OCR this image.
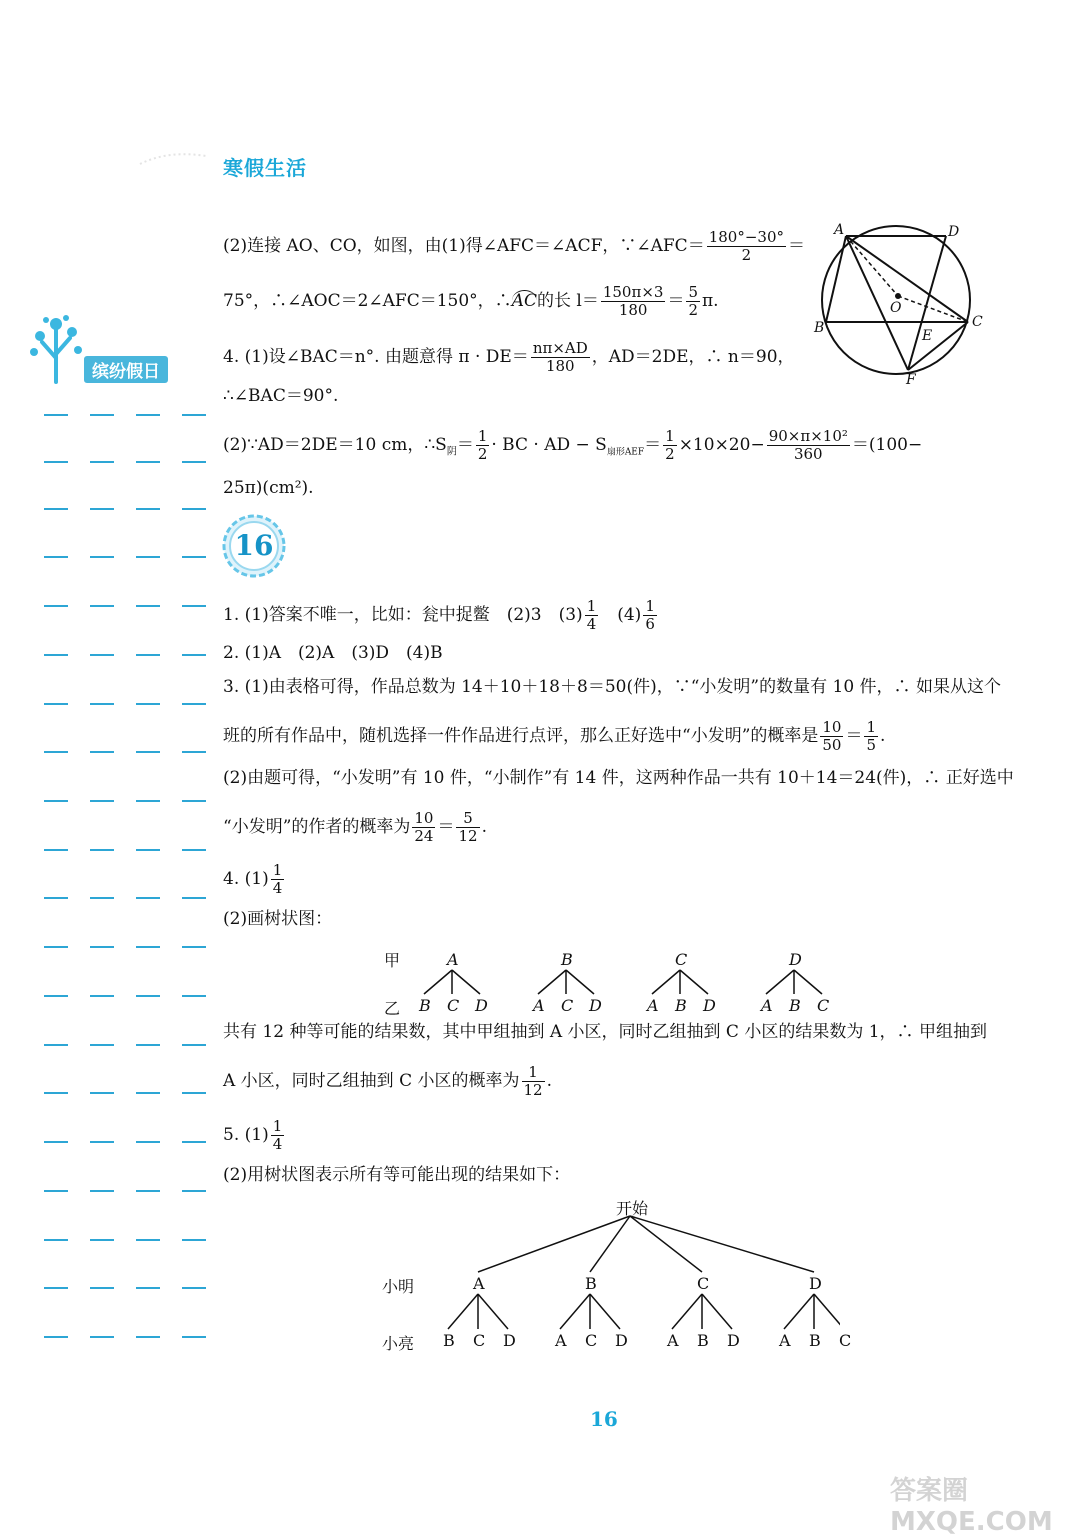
寒假生活
缤纷假日
A	D
B	C
O
E
F
(2)连接 AO、CO，如图，由(1)得∠AFC＝∠ACF，∵∠AFC＝ $\frac{180^\circ-30^\circ}{2}$ ＝
75°，∴∠AOC＝2∠AFC＝150°，∴AC的长 $l= \frac{150\pi\times 3}{180} = \frac{5}{2} \pi$.
4. (1)设∠BAC＝n°. 由题意得 $\pi \cdot DE= \frac{n\pi\times AD}{180}$ ，AD＝2DE，∴ n＝90，
∴∠BAC＝90°.
(2)∵AD＝2DE＝10 cm，$\therefore S_阴= \frac{1}{2}$ · BC · AD − $S_{扇形AEF}= \frac{1}{2} \times 10\times 20- \frac{\text{90×π×10²}}{360} =(100-$
25π)(cm²).
16
1. (1)答案不唯一，比如：瓮中捉鳖　(2)3　$(3) \frac{1}{4}$ 　$(4) \frac{1}{6}$
2. (1)A　(2)A　(3)D　(4)B
3. (1)由表格可得，作品总数为 14＋10＋18＋8＝50(件)，∵“小发明”的数量有 10 件，∴ 如果从这个
班的所有作品中，随机选择一件作品进行点评，那么正好选中“小发明”的概率是 $\frac{10}{50} = \frac{1}{5}$ .
(2)由题可得，“小发明”有 10 件，“小制作”有 14 件，这两种作品一共有 10＋14＝24(件)，∴ 正好选中
“小发明”的作者的概率为 $\frac{10}{24} = \frac{5}{12}$ .
4. $(1) \frac{1}{4}$
(2)画树状图：
甲
乙
A
B C D
B
A C D
C
A B D
D
A B C
共有 12 种等可能的结果数，其中甲组抽到 A 小区，同时乙组抽到 C 小区的结果数为 1，∴ 甲组抽到
A 小区，同时乙组抽到 C 小区的概率为 $\frac{1}{12}$ .
5. $(1) \frac{1}{4}$
(2)用树状图表示所有等可能出现的结果如下：
开始
小明
小亮
A
B C D
B
A C D
C
A B D
D
A B C
16
答案圈 MXQE.COM
